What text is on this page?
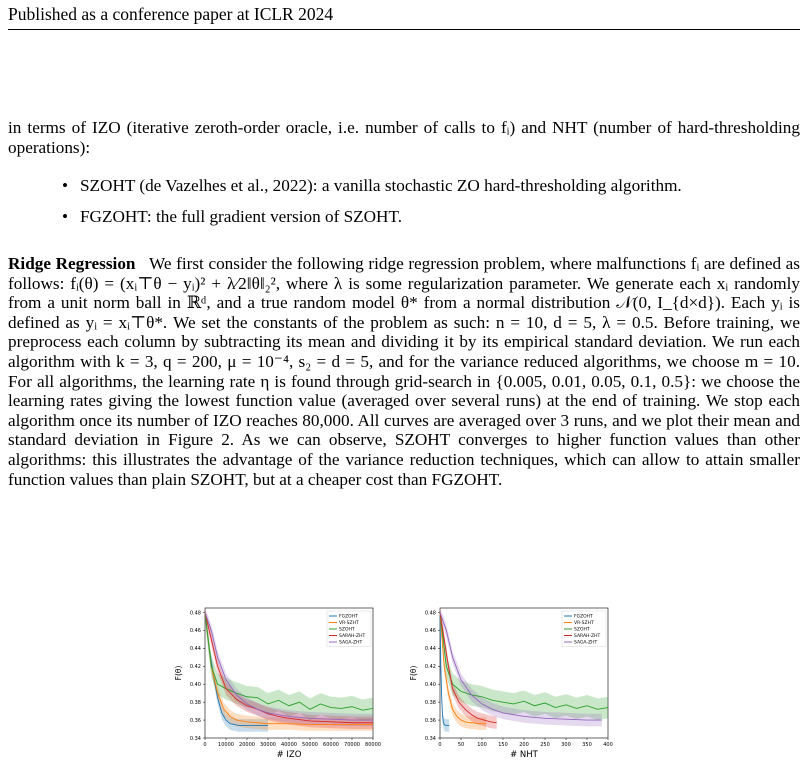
Published as a conference paper at ICLR 2024
in terms of IZO (iterative zeroth-order oracle, i.e. number of calls to fᵢ) and NHT (number of hard-thresholding operations):
• SZOHT (de Vazelhes et al., 2022): a vanilla stochastic ZO hard-thresholding algorithm.
• FGZOHT: the full gradient version of SZOHT.
Ridge Regression We first consider the following ridge regression problem, where malfunctions fᵢ are defined as follows: fᵢ(θ) = (xᵢ⊤θ − yᵢ)² + λ⁄2‖θ‖₂², where λ is some regularization parameter. We generate each xᵢ randomly from a unit norm ball in ℝᵈ, and a true random model θ* from a normal distribution 𝒩(0, I_{d×d}). Each yᵢ is defined as yᵢ = xᵢ⊤θ*. We set the constants of the problem as such: n = 10, d = 5, λ = 0.5. Before training, we preprocess each column by subtracting its mean and dividing it by its empirical standard deviation. We run each algorithm with k = 3, q = 200, μ = 10⁻⁴, s₂ = d = 5, and for the variance reduced algorithms, we choose m = 10. For all algorithms, the learning rate η is found through grid-search in {0.005, 0.01, 0.05, 0.1, 0.5}: we choose the learning rates giving the lowest function value (averaged over several runs) at the end of training. We stop each algorithm once its number of IZO reaches 80,000. All curves are averaged over 3 runs, and we plot their mean and standard deviation in Figure 2. As we can observe, SZOHT converges to higher function values than other algorithms: this illustrates the advantage of the variance reduction techniques, which can allow to attain smaller function values than plain SZOHT, but at a cheaper cost than FGZOHT.
0.34
0.36
0.38
0.40
0.42
0.44
0.46
0.48
0 10000 20000 30000 40000 50000 60000 70000 80000
# IZO
F(θ)
FGZOHT
VR-SZHT
SZOHT
SARAH-ZHT
SAGA-ZHT
0.34
0.36
0.38
0.40
0.42
0.44
0.46
0.48
0	50	100 150 200 250 300 350 400
# NHT
F(θ)
FGZOHT
VR-SZHT
SZOHT
SARAH-ZHT
SAGA-ZHT
